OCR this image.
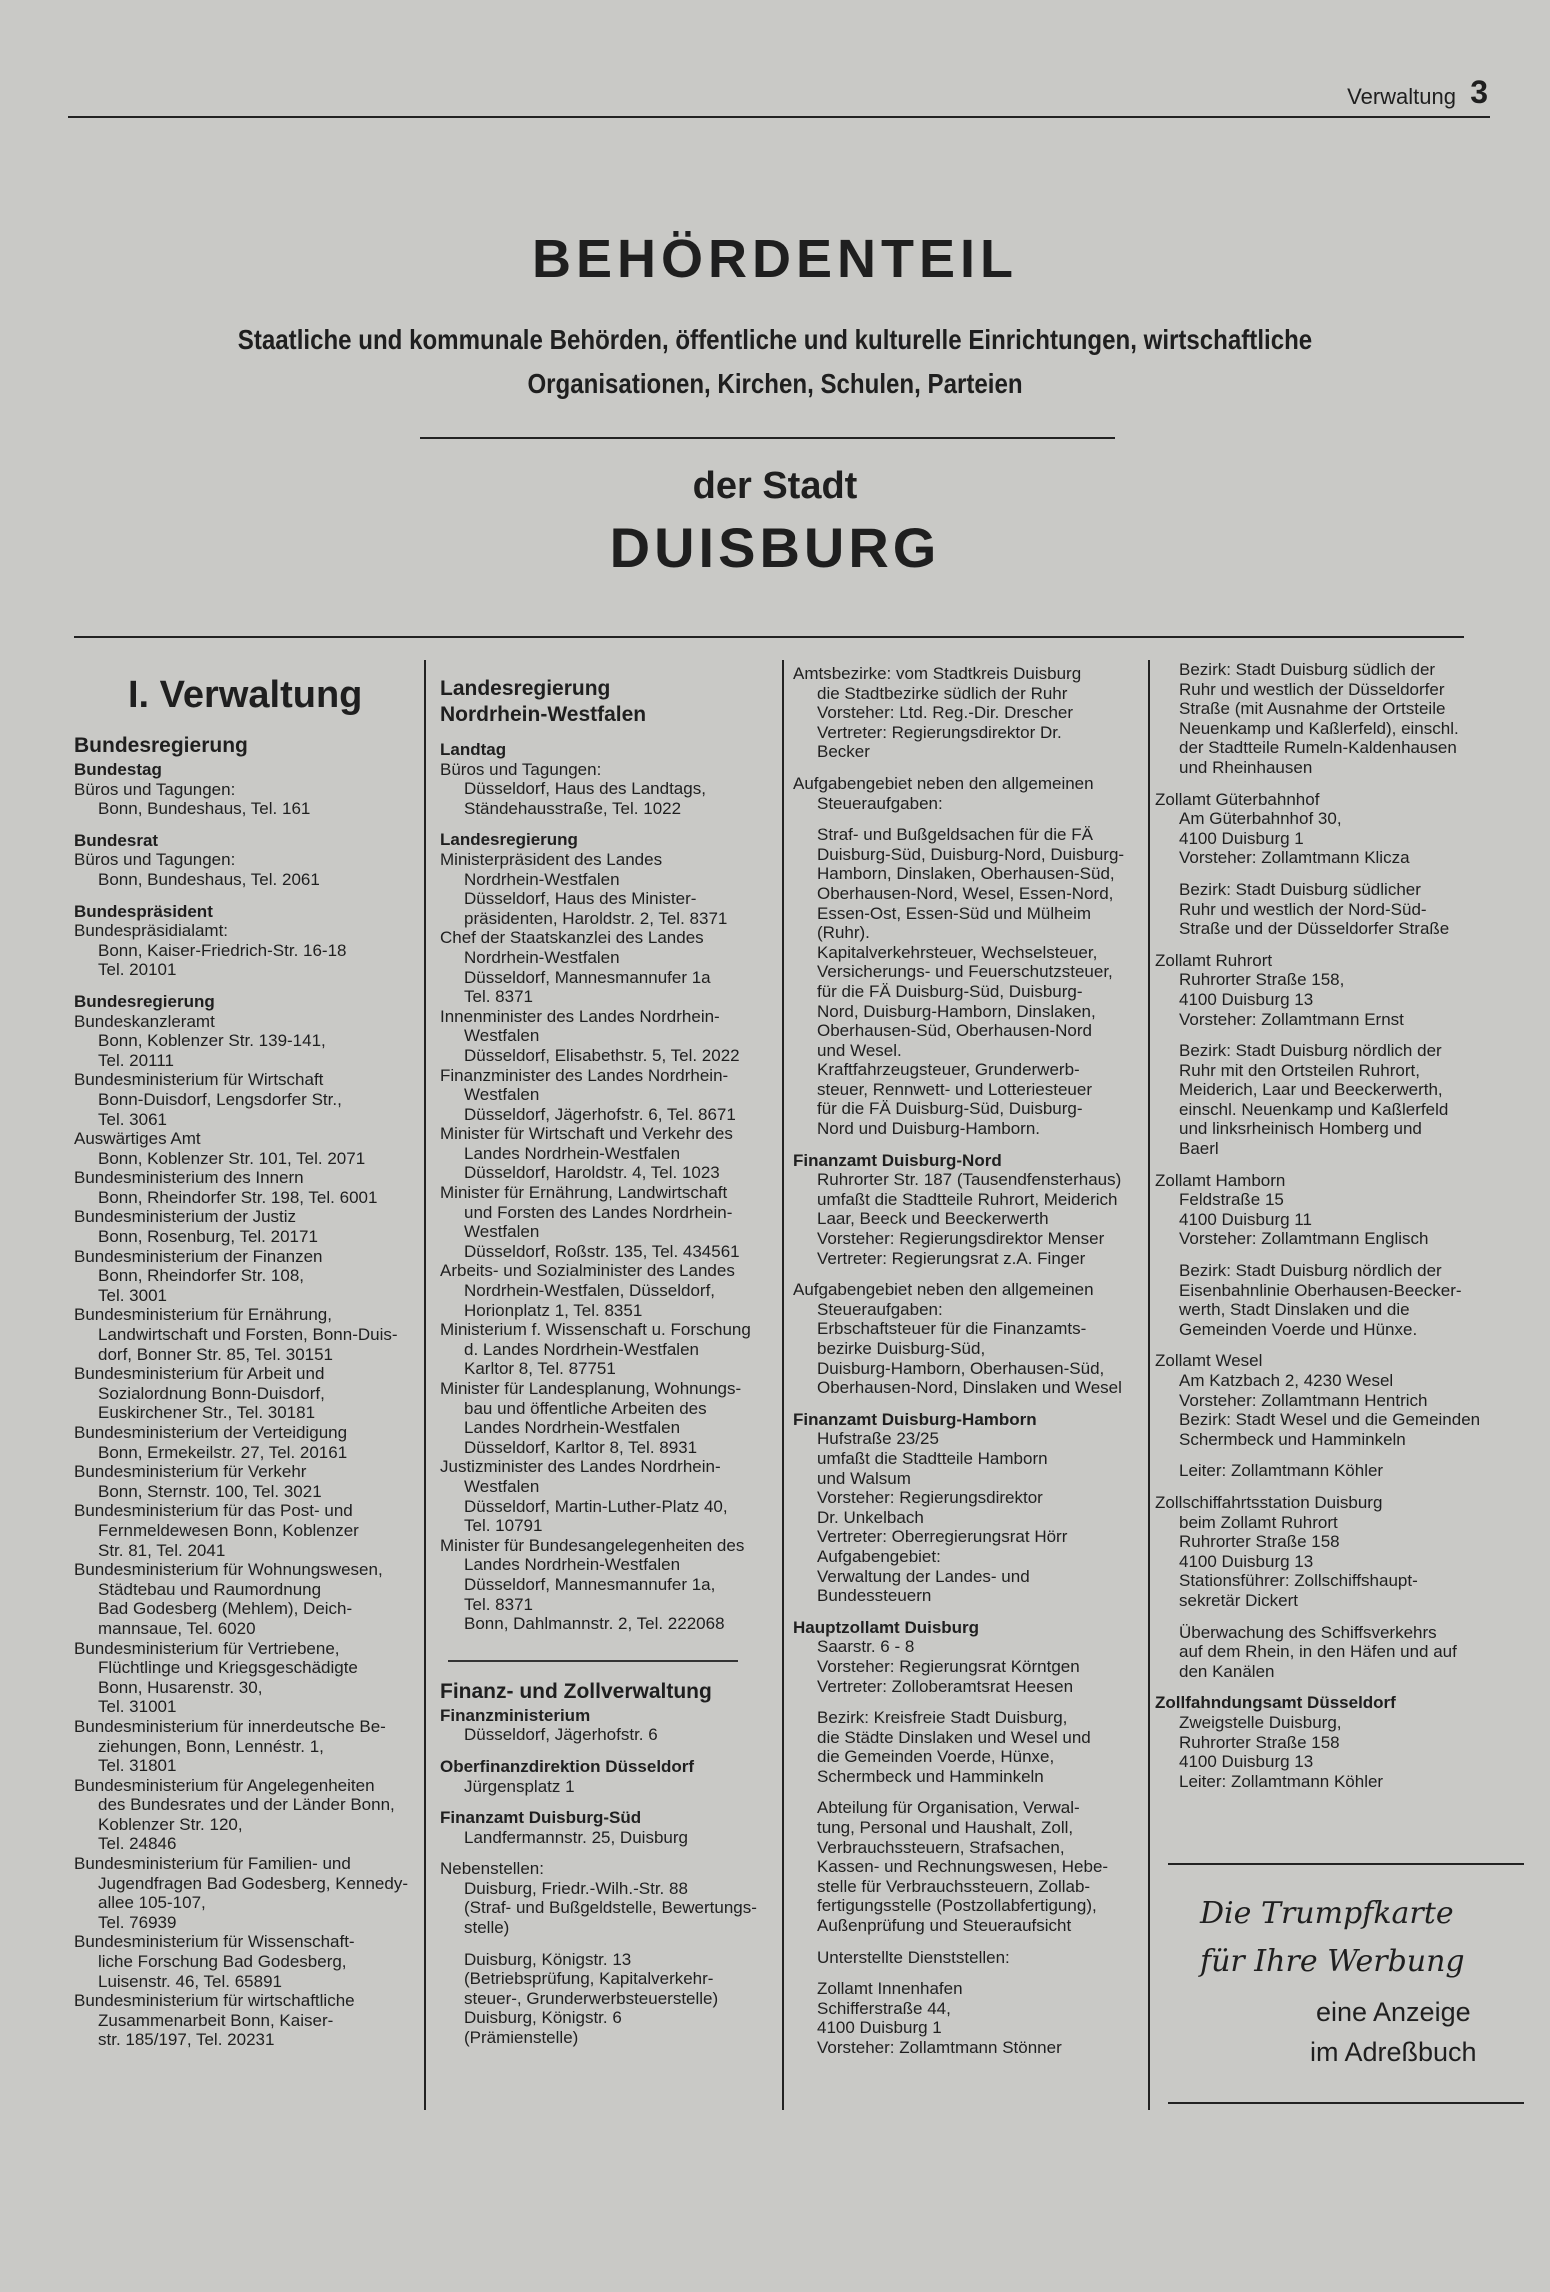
Verwaltung 3
BEHÖRDENTEIL
Staatliche und kommunale Behörden, öffentliche und kulturelle Einrichtungen, wirtschaftliche
Organisationen, Kirchen, Schulen, Parteien
der Stadt
DUISBURG
I. Verwaltung
Bundesregierung
Bundestag
Büros und Tagungen:
Bonn, Bundeshaus, Tel. 161
Bundesrat
Büros und Tagungen:
Bonn, Bundeshaus, Tel. 2061
Bundespräsident
Bundespräsidialamt:
Bonn, Kaiser-Friedrich-Str. 16-18
Tel. 20101
Bundesregierung
Bundeskanzleramt
Bonn, Koblenzer Str. 139-141,
Tel. 20111
Bundesministerium für Wirtschaft
Bonn-Duisdorf, Lengsdorfer Str.,
Tel. 3061
Auswärtiges Amt
Bonn, Koblenzer Str. 101, Tel. 2071
Bundesministerium des Innern
Bonn, Rheindorfer Str. 198, Tel. 6001
Bundesministerium der Justiz
Bonn, Rosenburg, Tel. 20171
Bundesministerium der Finanzen
Bonn, Rheindorfer Str. 108,
Tel. 3001
Bundesministerium für Ernährung,
Landwirtschaft und Forsten, Bonn-Duis-
dorf, Bonner Str. 85, Tel. 30151
Bundesministerium für Arbeit und
Sozialordnung Bonn-Duisdorf,
Euskirchener Str., Tel. 30181
Bundesministerium der Verteidigung
Bonn, Ermekeilstr. 27, Tel. 20161
Bundesministerium für Verkehr
Bonn, Sternstr. 100, Tel. 3021
Bundesministerium für das Post- und
Fernmeldewesen Bonn, Koblenzer
Str. 81, Tel. 2041
Bundesministerium für Wohnungswesen,
Städtebau und Raumordnung
Bad Godesberg (Mehlem), Deich-
mannsaue, Tel. 6020
Bundesministerium für Vertriebene,
Flüchtlinge und Kriegsgeschädigte
Bonn, Husarenstr. 30,
Tel. 31001
Bundesministerium für innerdeutsche Be-
ziehungen, Bonn, Lennéstr. 1,
Tel. 31801
Bundesministerium für Angelegenheiten
des Bundesrates und der Länder Bonn,
Koblenzer Str. 120,
Tel. 24846
Bundesministerium für Familien- und
Jugendfragen Bad Godesberg, Kennedy-
allee 105-107,
Tel. 76939
Bundesministerium für Wissenschaft-
liche Forschung Bad Godesberg,
Luisenstr. 46, Tel. 65891
Bundesministerium für wirtschaftliche
Zusammenarbeit Bonn, Kaiser-
str. 185/197, Tel. 20231
Landesregierung
Nordrhein-Westfalen
Landtag
Büros und Tagungen:
Düsseldorf, Haus des Landtags,
Ständehausstraße, Tel. 1022
Landesregierung
Ministerpräsident des Landes
Nordrhein-Westfalen
Düsseldorf, Haus des Minister-
präsidenten, Haroldstr. 2, Tel. 8371
Chef der Staatskanzlei des Landes
Nordrhein-Westfalen
Düsseldorf, Mannesmannufer 1a
Tel. 8371
Innenminister des Landes Nordrhein-
Westfalen
Düsseldorf, Elisabethstr. 5, Tel. 2022
Finanzminister des Landes Nordrhein-
Westfalen
Düsseldorf, Jägerhofstr. 6, Tel. 8671
Minister für Wirtschaft und Verkehr des
Landes Nordrhein-Westfalen
Düsseldorf, Haroldstr. 4, Tel. 1023
Minister für Ernährung, Landwirtschaft
und Forsten des Landes Nordrhein-
Westfalen
Düsseldorf, Roßstr. 135, Tel. 434561
Arbeits- und Sozialminister des Landes
Nordrhein-Westfalen, Düsseldorf,
Horionplatz 1, Tel. 8351
Ministerium f. Wissenschaft u. Forschung
d. Landes Nordrhein-Westfalen
Karltor 8, Tel. 87751
Minister für Landesplanung, Wohnungs-
bau und öffentliche Arbeiten des
Landes Nordrhein-Westfalen
Düsseldorf, Karltor 8, Tel. 8931
Justizminister des Landes Nordrhein-
Westfalen
Düsseldorf, Martin-Luther-Platz 40,
Tel. 10791
Minister für Bundesangelegenheiten des
Landes Nordrhein-Westfalen
Düsseldorf, Mannesmannufer 1a,
Tel. 8371
Bonn, Dahlmannstr. 2, Tel. 222068
Finanz- und Zollverwaltung
Finanzministerium
Düsseldorf, Jägerhofstr. 6
Oberfinanzdirektion Düsseldorf
Jürgensplatz 1
Finanzamt Duisburg-Süd
Landfermannstr. 25, Duisburg
Nebenstellen:
Duisburg, Friedr.-Wilh.-Str. 88
(Straf- und Bußgeldstelle, Bewertungs-
stelle)
Duisburg, Königstr. 13
(Betriebsprüfung, Kapitalverkehr-
steuer-, Grunderwerbsteuerstelle)
Duisburg, Königstr. 6
(Prämienstelle)
Amtsbezirke: vom Stadtkreis Duisburg
die Stadtbezirke südlich der Ruhr
Vorsteher: Ltd. Reg.-Dir. Drescher
Vertreter: Regierungsdirektor Dr.
Becker
Aufgabengebiet neben den allgemeinen
Steueraufgaben:
Straf- und Bußgeldsachen für die FÄ
Duisburg-Süd, Duisburg-Nord, Duisburg-
Hamborn, Dinslaken, Oberhausen-Süd,
Oberhausen-Nord, Wesel, Essen-Nord,
Essen-Ost, Essen-Süd und Mülheim
(Ruhr).
Kapitalverkehrsteuer, Wechselsteuer,
Versicherungs- und Feuerschutzsteuer,
für die FÄ Duisburg-Süd, Duisburg-
Nord, Duisburg-Hamborn, Dinslaken,
Oberhausen-Süd, Oberhausen-Nord
und Wesel.
Kraftfahrzeugsteuer, Grunderwerb-
steuer, Rennwett- und Lotteriesteuer
für die FÄ Duisburg-Süd, Duisburg-
Nord und Duisburg-Hamborn.
Finanzamt Duisburg-Nord
Ruhrorter Str. 187 (Tausendfensterhaus)
umfaßt die Stadtteile Ruhrort, Meiderich
Laar, Beeck und Beeckerwerth
Vorsteher: Regierungsdirektor Menser
Vertreter: Regierungsrat z.A. Finger
Aufgabengebiet neben den allgemeinen
Steueraufgaben:
Erbschaftsteuer für die Finanzamts-
bezirke Duisburg-Süd,
Duisburg-Hamborn, Oberhausen-Süd,
Oberhausen-Nord, Dinslaken und Wesel
Finanzamt Duisburg-Hamborn
Hufstraße 23/25
umfaßt die Stadtteile Hamborn
und Walsum
Vorsteher: Regierungsdirektor
Dr. Unkelbach
Vertreter: Oberregierungsrat Hörr
Aufgabengebiet:
Verwaltung der Landes- und
Bundessteuern
Hauptzollamt Duisburg
Saarstr. 6 - 8
Vorsteher: Regierungsrat Körntgen
Vertreter: Zolloberamtsrat Heesen
Bezirk: Kreisfreie Stadt Duisburg,
die Städte Dinslaken und Wesel und
die Gemeinden Voerde, Hünxe,
Schermbeck und Hamminkeln
Abteilung für Organisation, Verwal-
tung, Personal und Haushalt, Zoll,
Verbrauchssteuern, Strafsachen,
Kassen- und Rechnungswesen, Hebe-
stelle für Verbrauchssteuern, Zollab-
fertigungsstelle (Postzollabfertigung),
Außenprüfung und Steueraufsicht
Unterstellte Dienststellen:
Zollamt Innenhafen
Schifferstraße 44,
4100 Duisburg 1
Vorsteher: Zollamtmann Stönner
Bezirk: Stadt Duisburg südlich der
Ruhr und westlich der Düsseldorfer
Straße (mit Ausnahme der Ortsteile
Neuenkamp und Kaßlerfeld), einschl.
der Stadtteile Rumeln-Kaldenhausen
und Rheinhausen
Zollamt Güterbahnhof
Am Güterbahnhof 30,
4100 Duisburg 1
Vorsteher: Zollamtmann Klicza
Bezirk: Stadt Duisburg südlicher
Ruhr und westlich der Nord-Süd-
Straße und der Düsseldorfer Straße
Zollamt Ruhrort
Ruhrorter Straße 158,
4100 Duisburg 13
Vorsteher: Zollamtmann Ernst
Bezirk: Stadt Duisburg nördlich der
Ruhr mit den Ortsteilen Ruhrort,
Meiderich, Laar und Beeckerwerth,
einschl. Neuenkamp und Kaßlerfeld
und linksrheinisch Homberg und
Baerl
Zollamt Hamborn
Feldstraße 15
4100 Duisburg 11
Vorsteher: Zollamtmann Englisch
Bezirk: Stadt Duisburg nördlich der
Eisenbahnlinie Oberhausen-Beecker-
werth, Stadt Dinslaken und die
Gemeinden Voerde und Hünxe.
Zollamt Wesel
Am Katzbach 2, 4230 Wesel
Vorsteher: Zollamtmann Hentrich
Bezirk: Stadt Wesel und die Gemeinden
Schermbeck und Hamminkeln
Leiter: Zollamtmann Köhler
Zollschiffahrtsstation Duisburg
beim Zollamt Ruhrort
Ruhrorter Straße 158
4100 Duisburg 13
Stationsführer: Zollschiffshaupt-
sekretär Dickert
Überwachung des Schiffsverkehrs
auf dem Rhein, in den Häfen und auf
den Kanälen
Zollfahndungsamt Düsseldorf
Zweigstelle Duisburg,
Ruhrorter Straße 158
4100 Duisburg 13
Leiter: Zollamtmann Köhler
Die Trumpfkarte
für Ihre Werbung
eine Anzeige
im Adreßbuch
